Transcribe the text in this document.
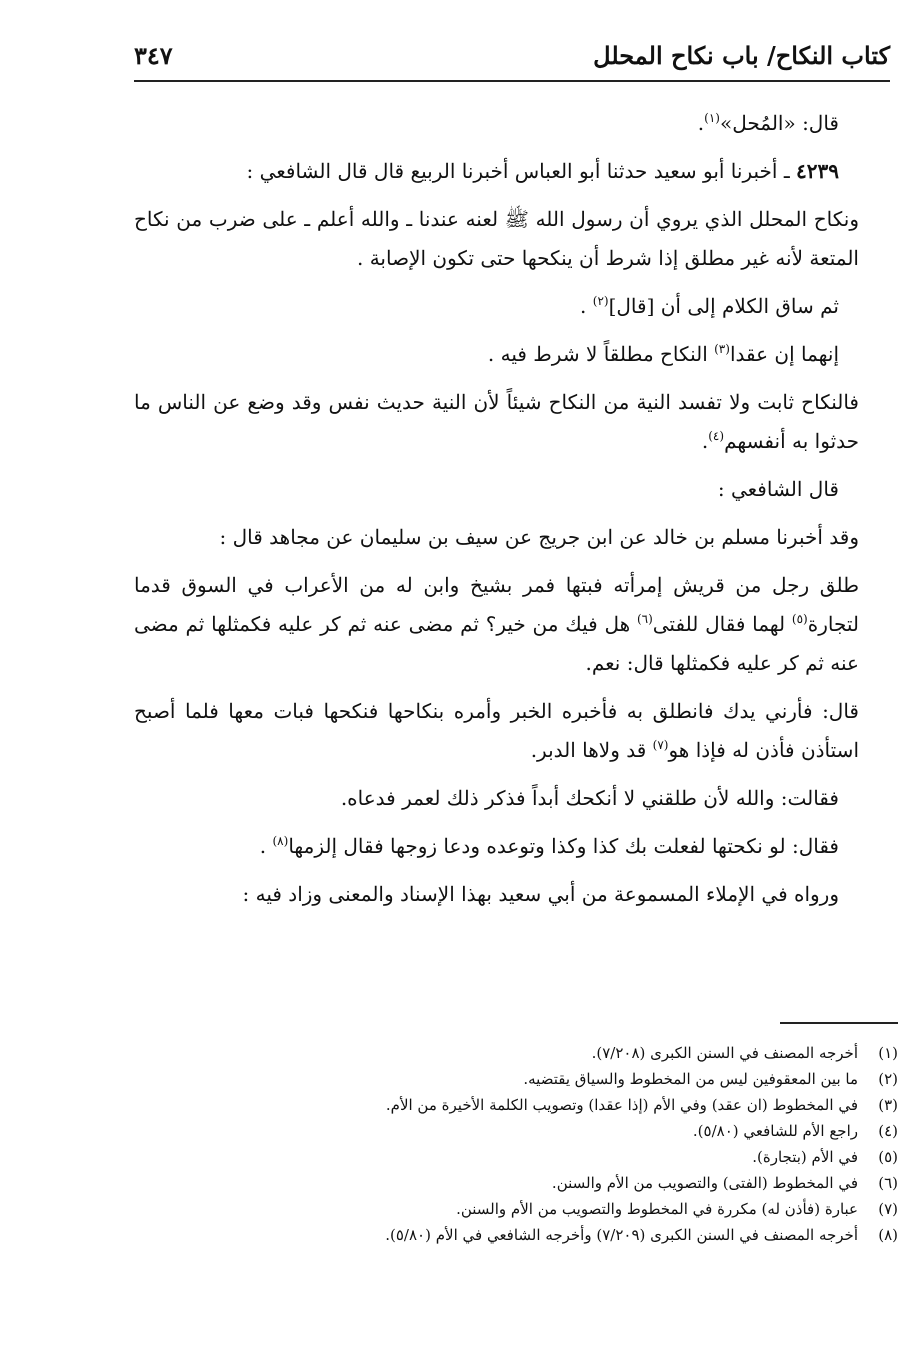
كتاب النكاح/ باب نكاح المحلل
٣٤٧

قال: «المُحل»$^{(١)}$.

٤٢٣٩ ـ أخبرنا أبو سعيد حدثنا أبو العباس أخبرنا الربيع قال قال الشافعي :

ونكاح المحلل الذي يروي أن رسول الله ﷺ لعنه عندنا ـ والله أعلم ـ على ضرب من نكاح المتعة لأنه غير مطلق إذا شرط أن ينكحها حتى تكون الإصابة .

ثم ساق الكلام إلى أن [قال]$^{(٢)}$ .

إنهما إن عقدا$^{(٣)}$ النكاح مطلقاً لا شرط فيه .

فالنكاح ثابت ولا تفسد النية من النكاح شيئاً لأن النية حديث نفس وقد وضع عن الناس ما حدثوا به أنفسهم$^{(٤)}$.

قال الشافعي :

وقد أخبرنا مسلم بن خالد عن ابن جريج عن سيف بن سليمان عن مجاهد قال :

طلق رجل من قريش إمرأته فبتها فمر بشيخ وابن له من الأعراب في السوق قدما لتجارة$^{(٥)}$ لهما فقال للفتى$^{(٦)}$ هل فيك من خير؟ ثم مضى عنه ثم كر عليه فكمثلها ثم مضى عنه ثم كر عليه فكمثلها قال: نعم.

قال: فأرني يدك فانطلق به فأخبره الخبر وأمره بنكاحها فنكحها فبات معها فلما أصبح استأذن فأذن له فإذا هو$^{(٧)}$ قد ولاها الدبر.

فقالت: والله لأن طلقني لا أنكحك أبداً فذكر ذلك لعمر فدعاه.

فقال: لو نكحتها لفعلت بك كذا وكذا وتوعده ودعا زوجها فقال إلزمها$^{(٨)}$ .

ورواه في الإملاء المسموعة من أبي سعيد بهذا الإسناد والمعنى وزاد فيه :

(١)
أخرجه المصنف في السنن الكبرى (٧/٢٠٨).

(٢)
ما بين المعقوفين ليس من المخطوط والسياق يقتضيه.

(٣)
في المخطوط (ان عقد) وفي الأم (إذا عقدا) وتصويب الكلمة الأخيرة من الأم.

(٤)
راجع الأم للشافعي (٥/٨٠).

(٥)
في الأم (بتجارة).

(٦)
في المخطوط (الفتى) والتصويب من الأم والسنن.

(٧)
عبارة (فأذن له) مكررة في المخطوط والتصويب من الأم والسنن.

(٨)
أخرجه المصنف في السنن الكبرى (٧/٢٠٩) وأخرجه الشافعي في الأم (٥/٨٠).
